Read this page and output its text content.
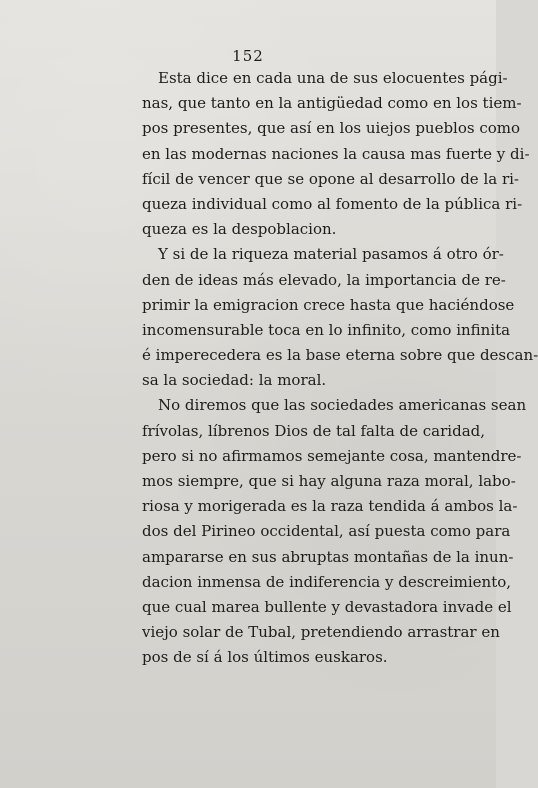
152
Esta dice en cada una de sus elocuentes pági-
nas, que tanto en la antigüedad como en los tiem-
pos presentes, que así en los uiejos pueblos como
en las modernas naciones la causa mas fuerte y di-
fícil de vencer que se opone al desarrollo de la ri-
queza individual como al fomento de la pública ri-
queza es la despoblacion.
Y si de la riqueza material pasamos á otro ór-
den de ideas más elevado, la importancia de re-
primir la emigracion crece hasta que haciéndose
incomensurable toca en lo infinito, como infinita
é imperecedera es la base eterna sobre que descan-
sa la sociedad: la moral.
No diremos que las sociedades americanas sean
frívolas, líbrenos Dios de tal falta de caridad,
pero si no afirmamos semejante cosa, mantendre-
mos siempre, que si hay alguna raza moral, labo-
riosa y morigerada es la raza tendida á ambos la-
dos del Pirineo occidental, así puesta como para
ampararse en sus abruptas montañas de la inun-
dacion inmensa de indiferencia y descreimiento,
que cual marea bullente y devastadora invade el
viejo solar de Tubal, pretendiendo arrastrar en
pos de sí á los últimos euskaros.
